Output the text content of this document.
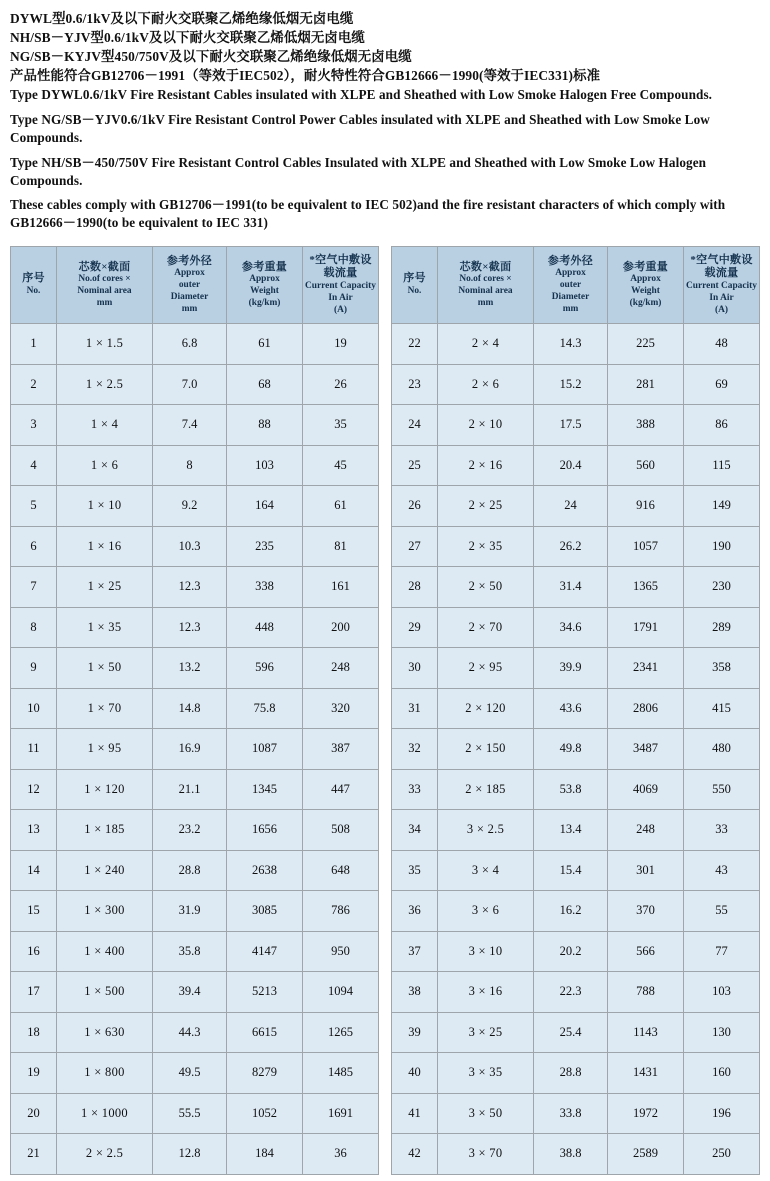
DYWL型0.6/1kV及以下耐火交联聚乙烯绝缘低烟无卤电缆

NH/SB－YJV型0.6/1kV及以下耐火交联聚乙烯低烟无卤电缆

NG/SB－KYJV型450/750V及以下耐火交联聚乙烯绝缘低烟无卤电缆

产品性能符合GB12706－1991（等效于IEC502），耐火特性符合GB12666－1990(等效于IEC331)标准

Type DYWL0.6/1kV Fire Resistant Cables insulated with XLPE and Sheathed with Low Smoke Halogen Free Compounds.

Type NG/SB－YJV0.6/1kV Fire Resistant Control Power Cables insulated with XLPE and Sheathed with Low Smoke Low Compounds.

Type NH/SB－450/750V Fire Resistant Control Cables Insulated with XLPE and Sheathed with Low Smoke Low Halogen Compounds.

These cables comply with GB12706－1991(to be equivalent to IEC 502)and the fire resistant characters of which comply with GB12666－1990(to be equivalent to IEC 331)

序号
No.	芯数×截面
No.of cores ×
Nominal area
mm	参考外径
Approx
outer
Diameter
mm	参考重量
Approx
Weight
(kg/km)	*空气中敷设载流量
Current Capacity
In Air
(A)

1	1 × 1.5	6.8	61	19
2	1 × 2.5	7.0	68	26
3	1 × 4	7.4	88	35
4	1 × 6	8	103	45
5	1 × 10	9.2	164	61
6	1 × 16	10.3	235	81
7	1 × 25	12.3	338	161
8	1 × 35	12.3	448	200
9	1 × 50	13.2	596	248
10	1 × 70	14.8	75.8	320
11	1 × 95	16.9	1087	387
12	1 × 120	21.1	1345	447
13	1 × 185	23.2	1656	508
14	1 × 240	28.8	2638	648
15	1 × 300	31.9	3085	786
16	1 × 400	35.8	4147	950
17	1 × 500	39.4	5213	1094
18	1 × 630	44.3	6615	1265
19	1 × 800	49.5	8279	1485
20	1 × 1000	55.5	1052	1691
21	2 × 2.5	12.8	184	36
序号
No.	芯数×截面
No.of cores ×
Nominal area
mm	参考外径
Approx
outer
Diameter
mm	参考重量
Approx
Weight
(kg/km)	*空气中敷设载流量
Current Capacity
In Air
(A)

22	2 × 4	14.3	225	48
23	2 × 6	15.2	281	69
24	2 × 10	17.5	388	86
25	2 × 16	20.4	560	115
26	2 × 25	24	916	149
27	2 × 35	26.2	1057	190
28	2 × 50	31.4	1365	230
29	2 × 70	34.6	1791	289
30	2 × 95	39.9	2341	358
31	2 × 120	43.6	2806	415
32	2 × 150	49.8	3487	480
33	2 × 185	53.8	4069	550
34	3 × 2.5	13.4	248	33
35	3 × 4	15.4	301	43
36	3 × 6	16.2	370	55
37	3 × 10	20.2	566	77
38	3 × 16	22.3	788	103
39	3 × 25	25.4	1143	130
40	3 × 35	28.8	1431	160
41	3 × 50	33.8	1972	196
42	3 × 70	38.8	2589	250
